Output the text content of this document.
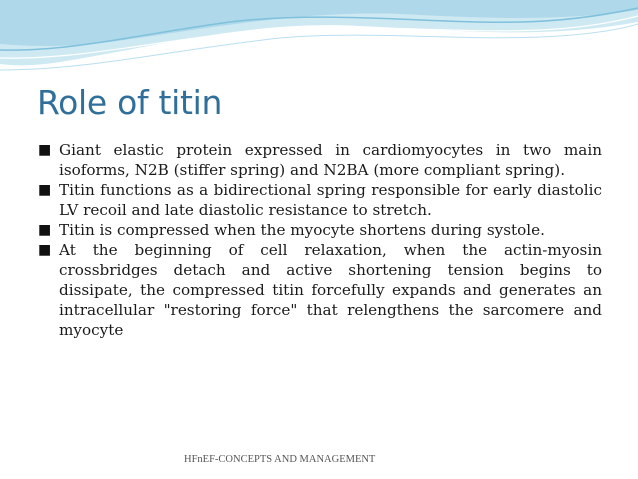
Role of titin
■ Giant elastic protein expressed in cardiomyocytes in two main isoforms, N2B (stiffer spring) and N2BA (more compliant spring).
■ Titin functions as a bidirectional spring responsible for early diastolic LV recoil and late diastolic resistance to stretch.
■ Titin is compressed when the myocyte shortens during systole.
■ At the beginning of cell relaxation, when the actin-myosin crossbridges detach and active shortening tension begins to dissipate, the compressed titin forcefully expands and generates an intracellular "restoring force" that relengthens the sarcomere and myocyte
HFnEF-CONCEPTS AND MANAGEMENT
